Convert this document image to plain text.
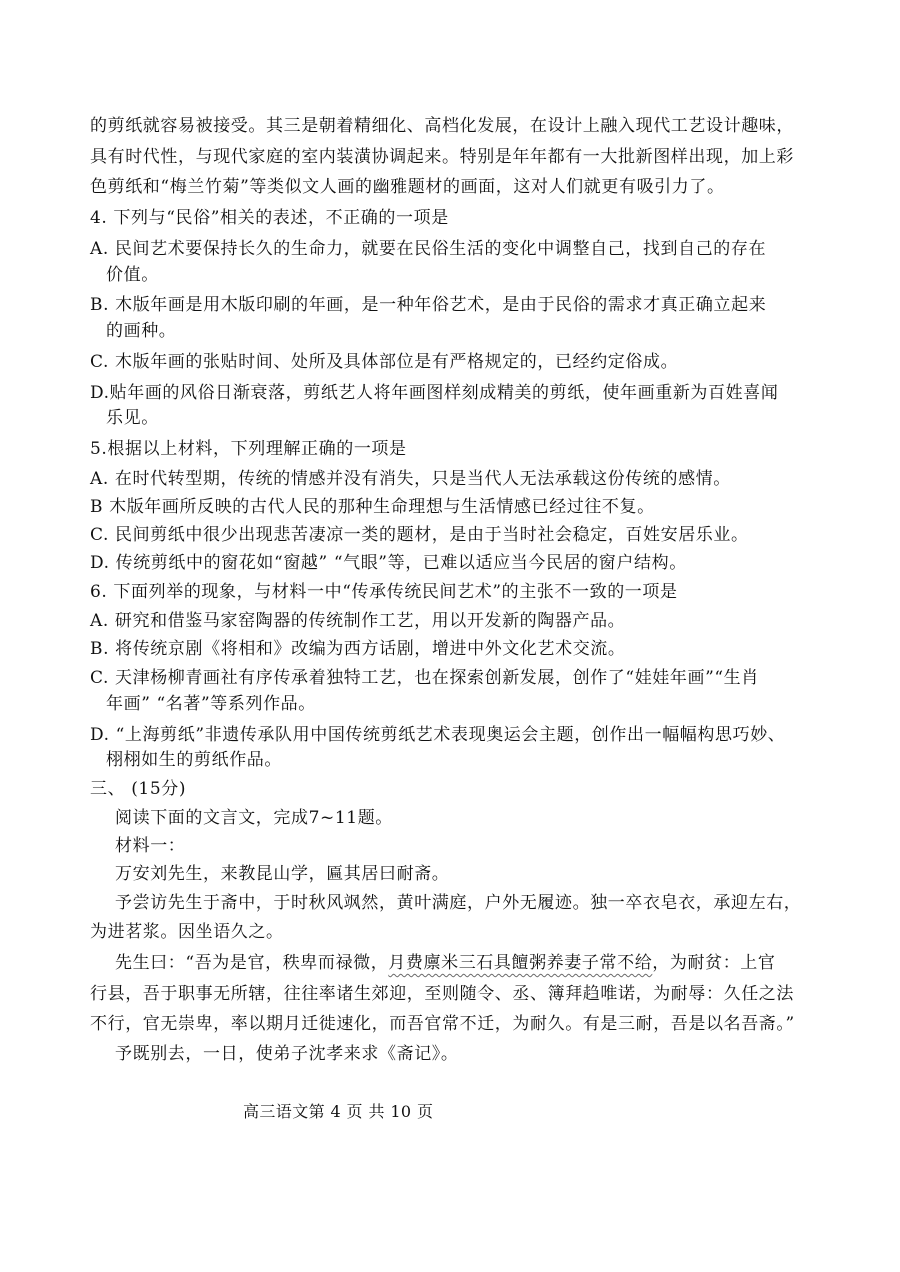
的剪纸就容易被接受。其三是朝着精细化、高档化发展，在设计上融入现代工艺设计趣味，
具有时代性，与现代家庭的室内装潢协调起来。特别是年年都有一大批新图样出现，加上彩
色剪纸和“梅兰竹菊”等类似文人画的幽雅题材的画面，这对人们就更有吸引力了。
4. 下列与“民俗”相关的表述，不正确的一项是
A. 民间艺术要保持长久的生命力，就要在民俗生活的变化中调整自己，找到自己的存在
价值。
B. 木版年画是用木版印刷的年画，是一种年俗艺术，是由于民俗的需求才真正确立起来
的画种。
C. 木版年画的张贴时间、处所及具体部位是有严格规定的，已经约定俗成。
D.贴年画的风俗日渐衰落，剪纸艺人将年画图样刻成精美的剪纸，使年画重新为百姓喜闻
乐见。
5.根据以上材料，下列理解正确的一项是
A. 在时代转型期，传统的情感并没有消失，只是当代人无法承载这份传统的感情。
B 木版年画所反映的古代人民的那种生命理想与生活情感已经过往不复。
C. 民间剪纸中很少出现悲苦凄凉一类的题材，是由于当时社会稳定，百姓安居乐业。
D. 传统剪纸中的窗花如“窗越” “气眼”等，已难以适应当今民居的窗户结构。
6. 下面列举的现象，与材料一中“传承传统民间艺术”的主张不一致的一项是
A. 研究和借鉴马家窑陶器的传统制作工艺，用以开发新的陶器产品。
B. 将传统京剧《将相和》改编为西方话剧，增进中外文化艺术交流。
C. 天津杨柳青画社有序传承着独特工艺，也在探索创新发展，创作了“娃娃年画”“生肖
年画” “名著”等系列作品。
D. “上海剪纸”非遗传承队用中国传统剪纸艺术表现奥运会主题，创作出一幅幅构思巧妙、
栩栩如生的剪纸作品。
三、 (15分)
阅读下面的文言文，完成7~11题。
材料一：
万安刘先生，来教昆山学，匾其居曰耐斋。
予尝访先生于斋中，于时秋风飒然，黄叶满庭，户外无履迹。独一卒衣皂衣，承迎左右，
为进茗浆。因坐语久之。
先生曰：“吾为是官，秩卑而禄微，月费廪米三石具饘粥养妻子常不给，为耐贫：上官
行县，吾于职事无所辖，往往率诸生郊迎，至则随令、丞、簿拜趋唯诺，为耐辱：久任之法
不行，官无崇卑，率以期月迁徙速化，而吾官常不迁，为耐久。有是三耐，吾是以名吾斋。”
予既别去，一日，使弟子沈孝来求《斋记》。
高三语文第 4 页 共 10 页
